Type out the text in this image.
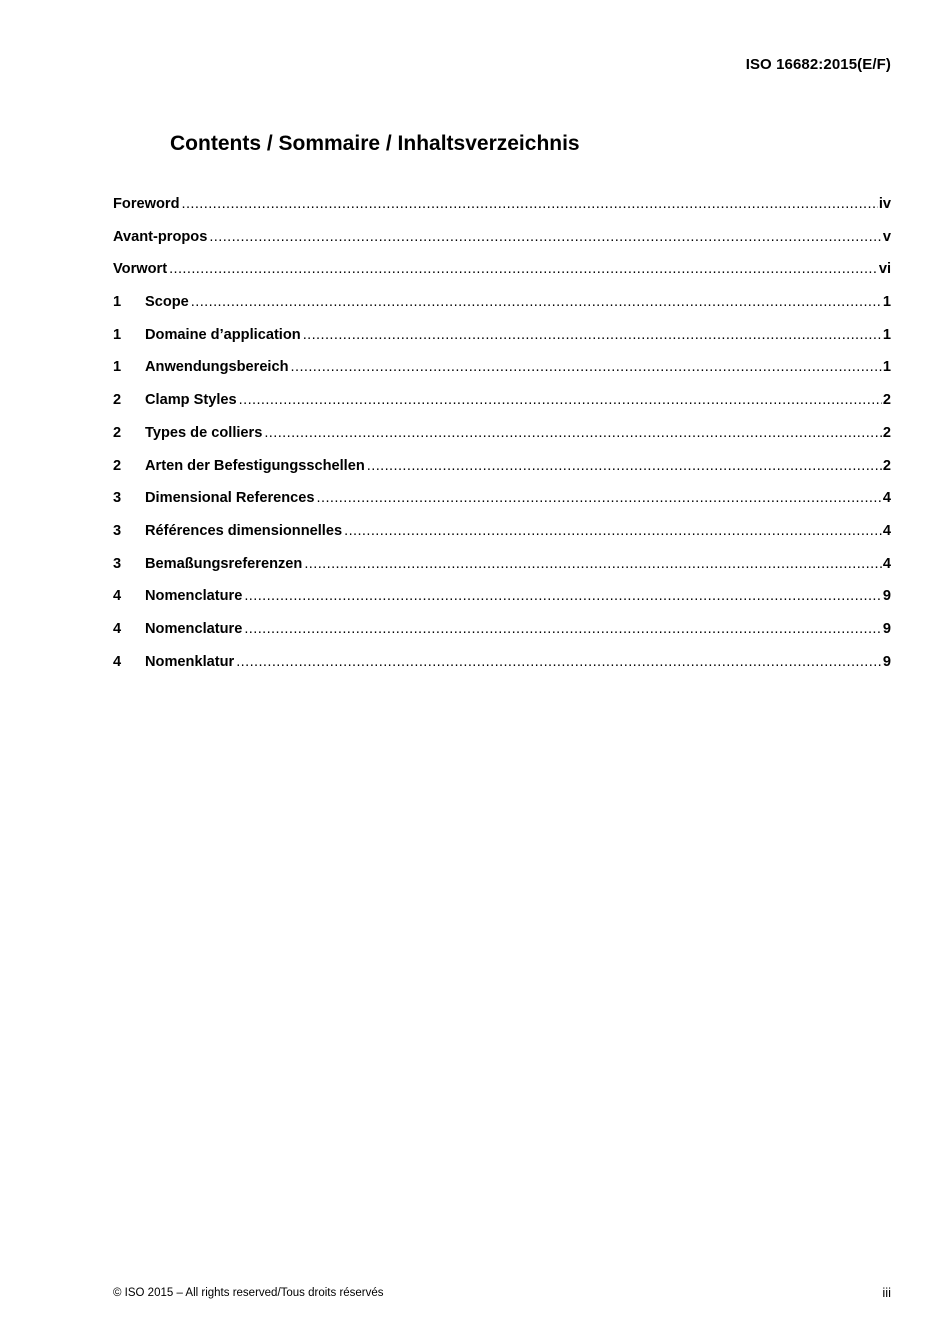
ISO 16682:2015(E/F)
Contents / Sommaire / Inhaltsverzeichnis
Foreword .....	iv
Avant-propos .....	v
Vorwort .....	vi
1	Scope .....	1
1	Domaine d’application .....	1
1	Anwendungsbereich .....	1
2	Clamp Styles .....	2
2	Types de colliers .....	2
2	Arten der Befestigungsschellen .....	2
3	Dimensional References .....	4
3	Références dimensionnelles .....	4
3	Bemaßungsreferenzen .....	4
4	Nomenclature .....	9
4	Nomenclature .....	9
4	Nomenklatur .....	9
© ISO 2015 – All rights reserved/Tous droits réservés	iii
